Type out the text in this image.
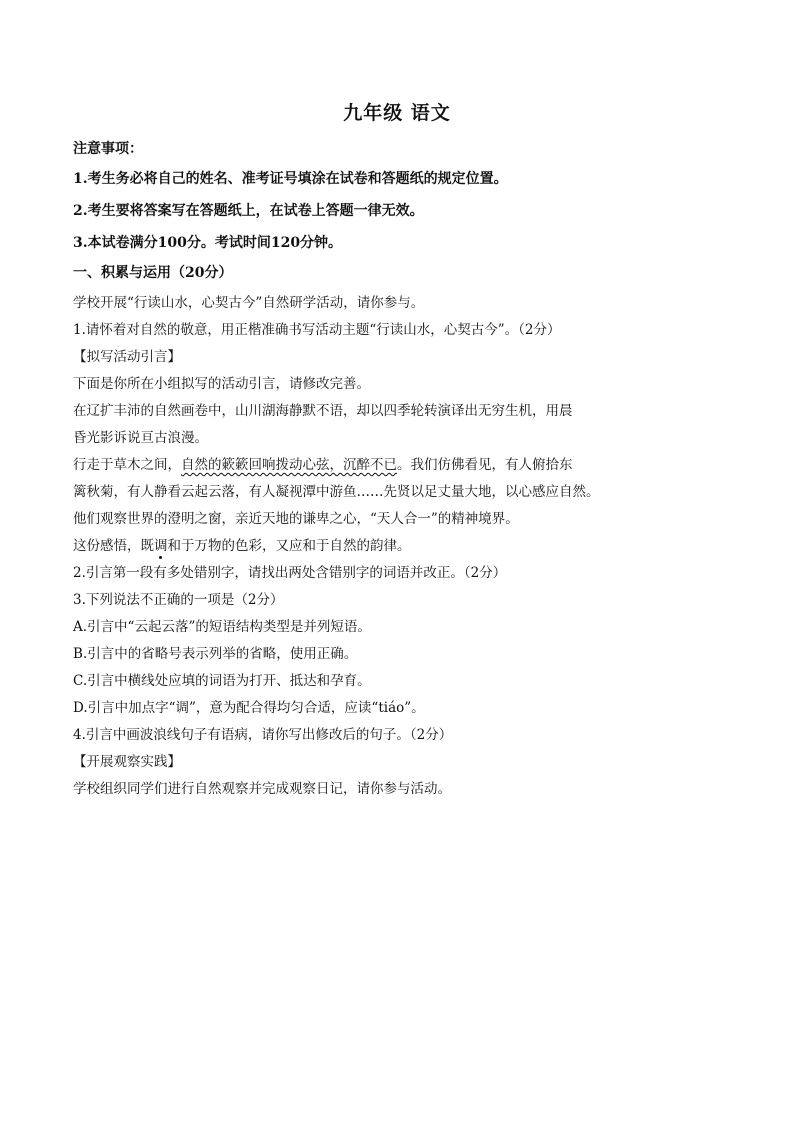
九年级 语文
注意事项：
1.考生务必将自己的姓名、准考证号填涂在试卷和答题纸的规定位置。
2.考生要将答案写在答题纸上，在试卷上答题一律无效。
3.本试卷满分100分。考试时间120分钟。
一、积累与运用（20分）
学校开展“行读山水，心契古今”自然研学活动，请你参与。
1.请怀着对自然的敬意，用正楷准确书写活动主题“行读山水，心契古今”。（2分）
【拟写活动引言】
下面是你所在小组拟写的活动引言，请修改完善。
在辽扩丰沛的自然画卷中，山川湖海静默不语，却以四季轮转演译出无穷生机，用晨
昏光影诉说亘古浪漫。
行走于草木之间，自然的簌簌回响拨动心弦，沉醉不已。我们仿佛看见，有人俯拾东
篱秋菊，有人静看云起云落，有人凝视潭中游鱼……先贤以足丈量大地，以心感应自然。
他们观察世界的澄明之窗，亲近天地的谦卑之心，“天人合一”的精神境界。
这份感悟，既调和于万物的色彩，又应和于自然的韵律。
2.引言第一段有多处错别字，请找出两处含错别字的词语并改正。（2分）
3.下列说法不正确的一项是（2分）
A.引言中“云起云落”的短语结构类型是并列短语。
B.引言中的省略号表示列举的省略，使用正确。
C.引言中横线处应填的词语为打开、抵达和孕育。
D.引言中加点字“调”，意为配合得均匀合适，应读“tiáo”。
4.引言中画波浪线句子有语病，请你写出修改后的句子。（2分）
【开展观察实践】
学校组织同学们进行自然观察并完成观察日记，请你参与活动。
